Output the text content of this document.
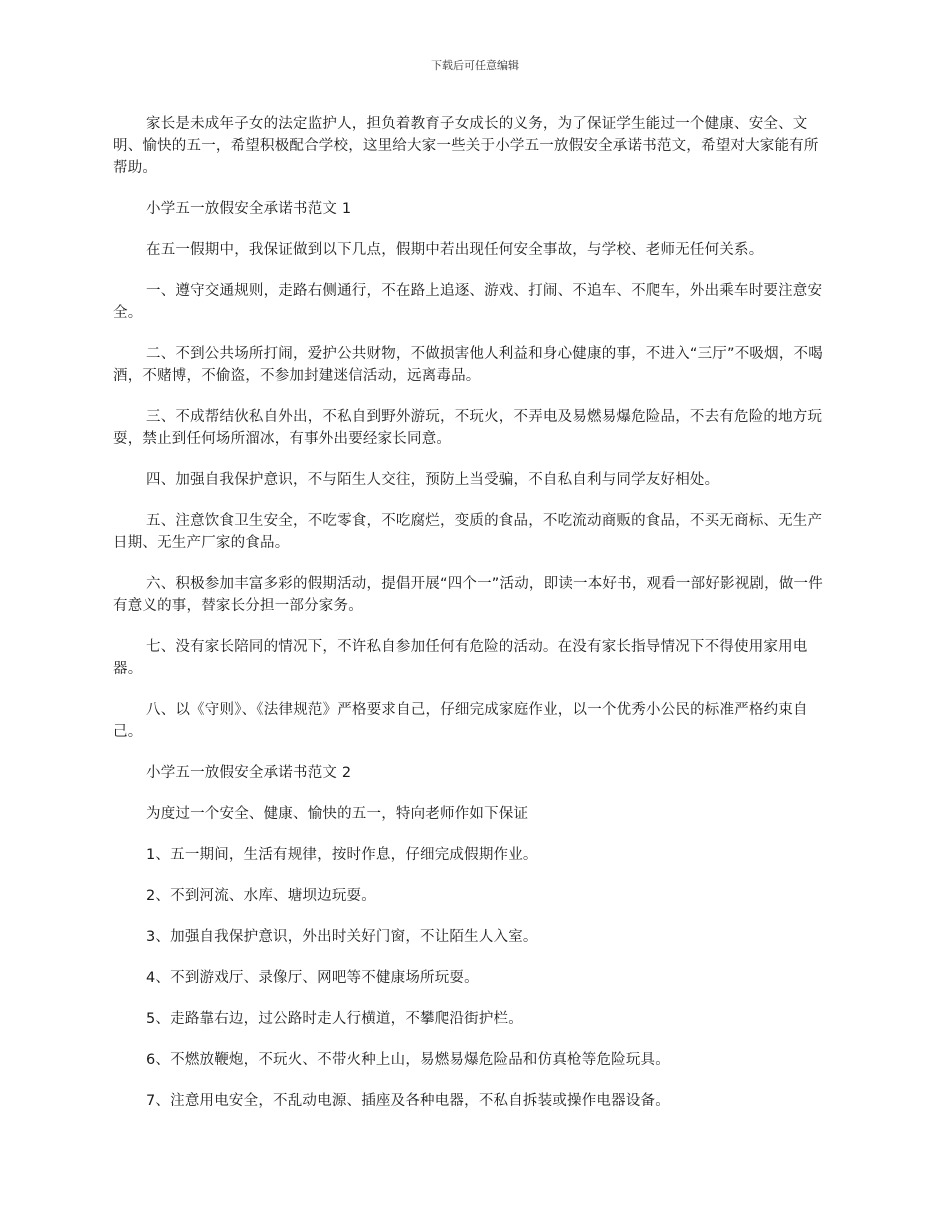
下载后可任意编辑

家长是未成年子女的法定监护人，担负着教育子女成长的义务，为了保证学生能过一个健康、安全、文明、愉快的五一，希望积极配合学校，这里给大家一些关于小学五一放假安全承诺书范文，希望对大家能有所帮助。

小学五一放假安全承诺书范文 1

在五一假期中，我保证做到以下几点，假期中若出现任何安全事故，与学校、老师无任何关系。

一、遵守交通规则，走路右侧通行，不在路上追逐、游戏、打闹、不追车、不爬车，外出乘车时要注意安全。

二、不到公共场所打闹，爱护公共财物，不做损害他人利益和身心健康的事，不进入“三厅”不吸烟，不喝酒，不赌博，不偷盗，不参加封建迷信活动，远离毒品。

三、不成帮结伙私自外出，不私自到野外游玩，不玩火，不弄电及易燃易爆危险品，不去有危险的地方玩耍，禁止到任何场所溜冰，有事外出要经家长同意。

四、加强自我保护意识，不与陌生人交往，预防上当受骗，不自私自利与同学友好相处。

五、注意饮食卫生安全，不吃零食，不吃腐烂，变质的食品，不吃流动商贩的食品，不买无商标、无生产日期、无生产厂家的食品。

六、积极参加丰富多彩的假期活动，提倡开展“四个一”活动，即读一本好书，观看一部好影视剧，做一件有意义的事，替家长分担一部分家务。

七、没有家长陪同的情况下，不许私自参加任何有危险的活动。在没有家长指导情况下不得使用家用电器。

八、以《守则》、《法律规范》严格要求自己，仔细完成家庭作业，以一个优秀小公民的标准严格约束自己。

小学五一放假安全承诺书范文 2

为度过一个安全、健康、愉快的五一，特向老师作如下保证

1、五一期间，生活有规律，按时作息，仔细完成假期作业。

2、不到河流、水库、塘坝边玩耍。

3、加强自我保护意识，外出时关好门窗，不让陌生人入室。

4、不到游戏厅、录像厅、网吧等不健康场所玩耍。

5、走路靠右边，过公路时走人行横道，不攀爬沿街护栏。

6、不燃放鞭炮，不玩火、不带火种上山，易燃易爆危险品和仿真枪等危险玩具。

7、注意用电安全，不乱动电源、插座及各种电器，不私自拆装或操作电器设备。
